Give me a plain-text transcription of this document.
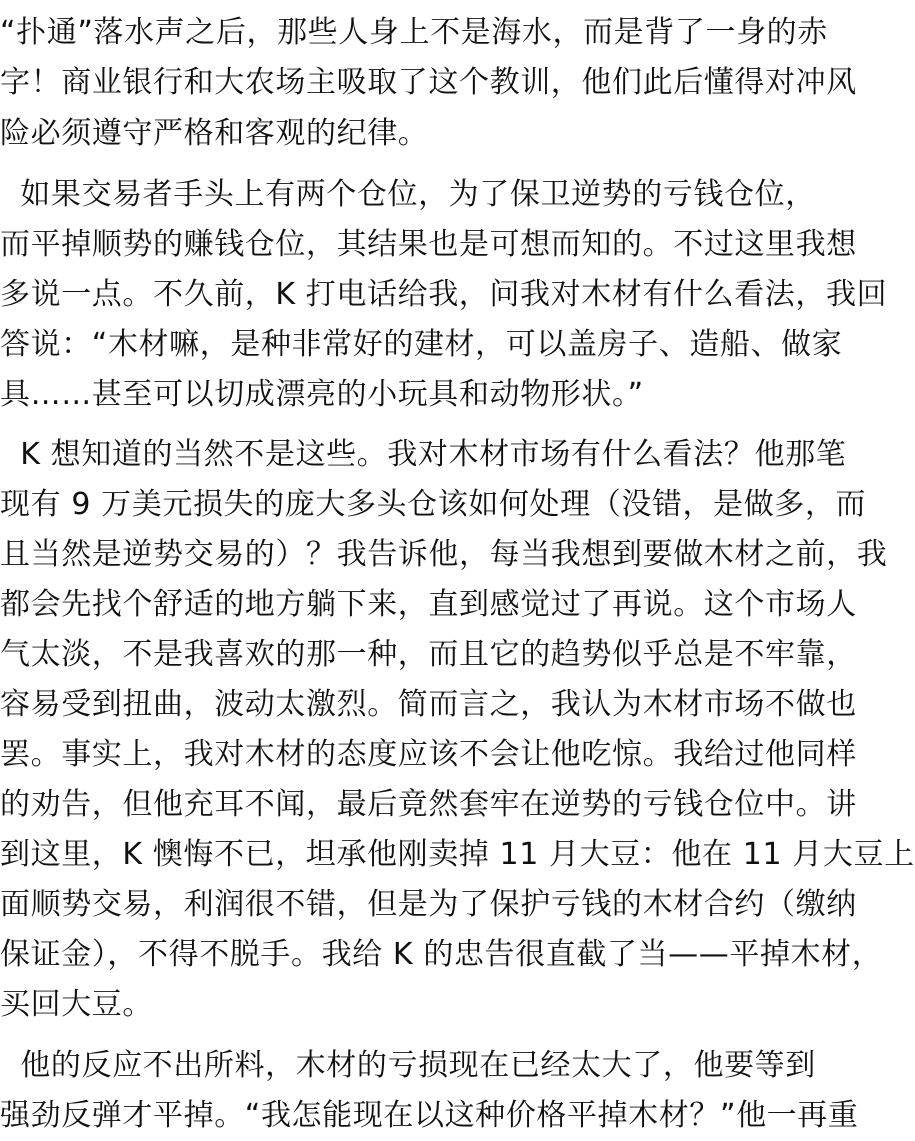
“扑通”落水声之后，那些人身上不是海水，而是背了一身的赤
字！商业银行和大农场主吸取了这个教训，他们此后懂得对冲风
险必须遵守严格和客观的纪律。
如果交易者手头上有两个仓位，为了保卫逆势的亏钱仓位，
而平掉顺势的赚钱仓位，其结果也是可想而知的。不过这里我想
多说一点。不久前，K 打电话给我，问我对木材有什么看法，我回
答说：“木材嘛，是种非常好的建材，可以盖房子、造船、做家
具……甚至可以切成漂亮的小玩具和动物形状。”
K 想知道的当然不是这些。我对木材市场有什么看法？他那笔
现有 9 万美元损失的庞大多头仓该如何处理（没错，是做多，而
且当然是逆势交易的）？我告诉他，每当我想到要做木材之前，我
都会先找个舒适的地方躺下来，直到感觉过了再说。这个市场人
气太淡，不是我喜欢的那一种，而且它的趋势似乎总是不牢靠，
容易受到扭曲，波动太激烈。简而言之，我认为木材市场不做也
罢。事实上，我对木材的态度应该不会让他吃惊。我给过他同样
的劝告，但他充耳不闻，最后竟然套牢在逆势的亏钱仓位中。讲
到这里，K 懊悔不已，坦承他刚卖掉 11 月大豆：他在 11 月大豆上
面顺势交易，利润很不错，但是为了保护亏钱的木材合约（缴纳
保证金），不得不脱手。我给 K 的忠告很直截了当——平掉木材，
买回大豆。
他的反应不出所料，木材的亏损现在已经太大了，他要等到
强劲反弹才平掉。“我怎能现在以这种价格平掉木材？”他一再重
